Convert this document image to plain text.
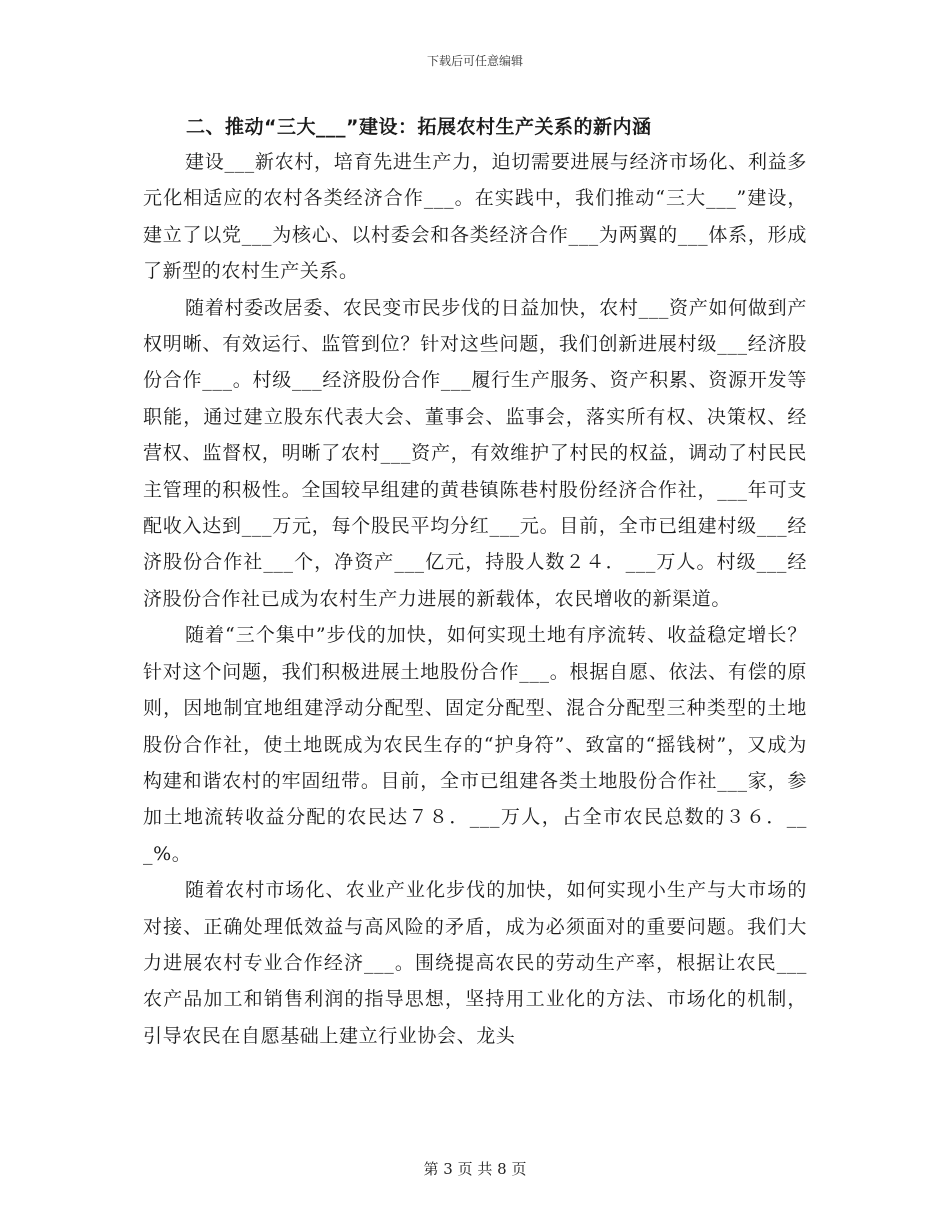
下载后可任意编辑
二、推动“三大___”建设：拓展农村生产关系的新内涵

建设___新农村，培育先进生产力，迫切需要进展与经济市场化、利益多元化相适应的农村各类经济合作___。在实践中，我们推动“三大___”建设，建立了以党___为核心、以村委会和各类经济合作___为两翼的___体系，形成了新型的农村生产关系。

随着村委改居委、农民变市民步伐的日益加快，农村___资产如何做到产权明晰、有效运行、监管到位？针对这些问题，我们创新进展村级___经济股份合作___。村级___经济股份合作___履行生产服务、资产积累、资源开发等职能，通过建立股东代表大会、董事会、监事会，落实所有权、决策权、经营权、监督权，明晰了农村___资产，有效维护了村民的权益，调动了村民民主管理的积极性。全国较早组建的黄巷镇陈巷村股份经济合作社，___年可支配收入达到___万元，每个股民平均分红___元。目前，全市已组建村级___经济股份合作社___个，净资产___亿元，持股人数２４．___万人。村级___经济股份合作社已成为农村生产力进展的新载体，农民增收的新渠道。

随着“三个集中”步伐的加快，如何实现土地有序流转、收益稳定增长？针对这个问题，我们积极进展土地股份合作___。根据自愿、依法、有偿的原则，因地制宜地组建浮动分配型、固定分配型、混合分配型三种类型的土地股份合作社，使土地既成为农民生存的“护身符”、致富的“摇钱树”，又成为构建和谐农村的牢固纽带。目前，全市已组建各类土地股份合作社___家，参加土地流转收益分配的农民达７８．___万人，占全市农民总数的３６．___%。

随着农村市场化、农业产业化步伐的加快，如何实现小生产与大市场的对接、正确处理低效益与高风险的矛盾，成为必须面对的重要问题。我们大力进展农村专业合作经济___。围绕提高农民的劳动生产率，根据让农民___农产品加工和销售利润的指导思想，坚持用工业化的方法、市场化的机制，引导农民在自愿基础上建立行业协会、龙头

第 3 页 共 8 页
